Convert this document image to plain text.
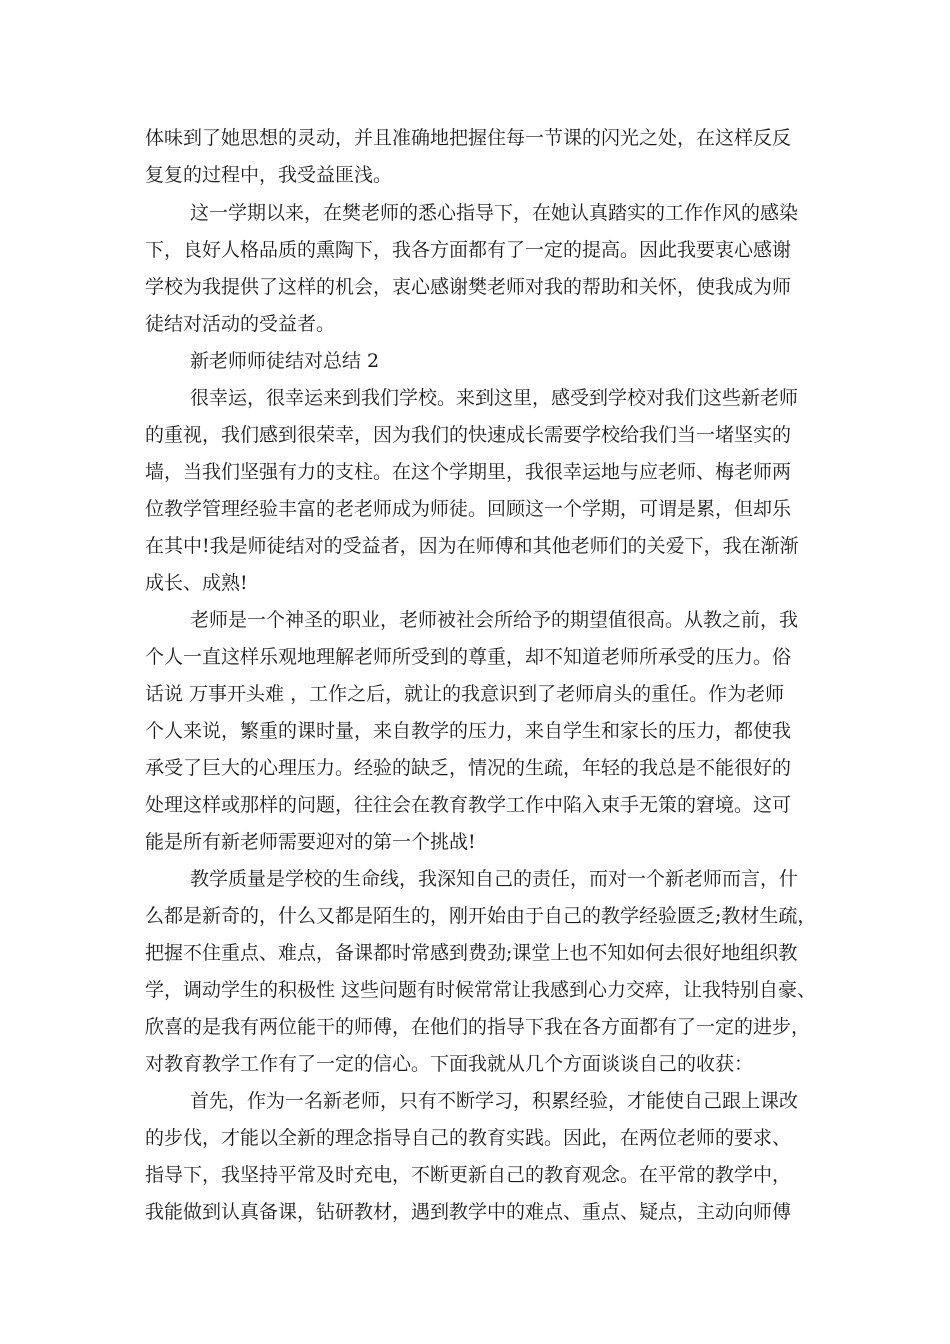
体味到了她思想的灵动，并且准确地把握住每一节课的闪光之处，在这样反反
复复的过程中，我受益匪浅。
这一学期以来，在樊老师的悉心指导下，在她认真踏实的工作作风的感染
下，良好人格品质的熏陶下，我各方面都有了一定的提高。因此我要衷心感谢
学校为我提供了这样的机会，衷心感谢樊老师对我的帮助和关怀，使我成为师
徒结对活动的受益者。
新老师师徒结对总结 2
很幸运，很幸运来到我们学校。来到这里，感受到学校对我们这些新老师
的重视，我们感到很荣幸，因为我们的快速成长需要学校给我们当一堵坚实的
墙，当我们坚强有力的支柱。在这个学期里，我很幸运地与应老师、梅老师两
位教学管理经验丰富的老老师成为师徒。回顾这一个学期，可谓是累，但却乐
在其中!我是师徒结对的受益者，因为在师傅和其他老师们的关爱下，我在渐渐
成长、成熟!
老师是一个神圣的职业，老师被社会所给予的期望值很高。从教之前，我
个人一直这样乐观地理解老师所受到的尊重，却不知道老师所承受的压力。俗
话说 万事开头难 ，工作之后，就让的我意识到了老师肩头的重任。作为老师
个人来说，繁重的课时量，来自教学的压力，来自学生和家长的压力，都使我
承受了巨大的心理压力。经验的缺乏，情况的生疏，年轻的我总是不能很好的
处理这样或那样的问题，往往会在教育教学工作中陷入束手无策的窘境。这可
能是所有新老师需要迎对的第一个挑战!
教学质量是学校的生命线，我深知自己的责任，而对一个新老师而言，什
么都是新奇的，什么又都是陌生的，刚开始由于自己的教学经验匮乏;教材生疏，
把握不住重点、难点，备课都时常感到费劲;课堂上也不知如何去很好地组织教
学，调动学生的积极性 这些问题有时候常常让我感到心力交瘁，让我特别自豪、
欣喜的是我有两位能干的师傅，在他们的指导下我在各方面都有了一定的进步，
对教育教学工作有了一定的信心。下面我就从几个方面谈谈自己的收获：
首先，作为一名新老师，只有不断学习，积累经验，才能使自己跟上课改
的步伐，才能以全新的理念指导自己的教育实践。因此，在两位老师的要求、
指导下，我坚持平常及时充电，不断更新自己的教育观念。在平常的教学中，
我能做到认真备课，钻研教材，遇到教学中的难点、重点、疑点，主动向师傅
